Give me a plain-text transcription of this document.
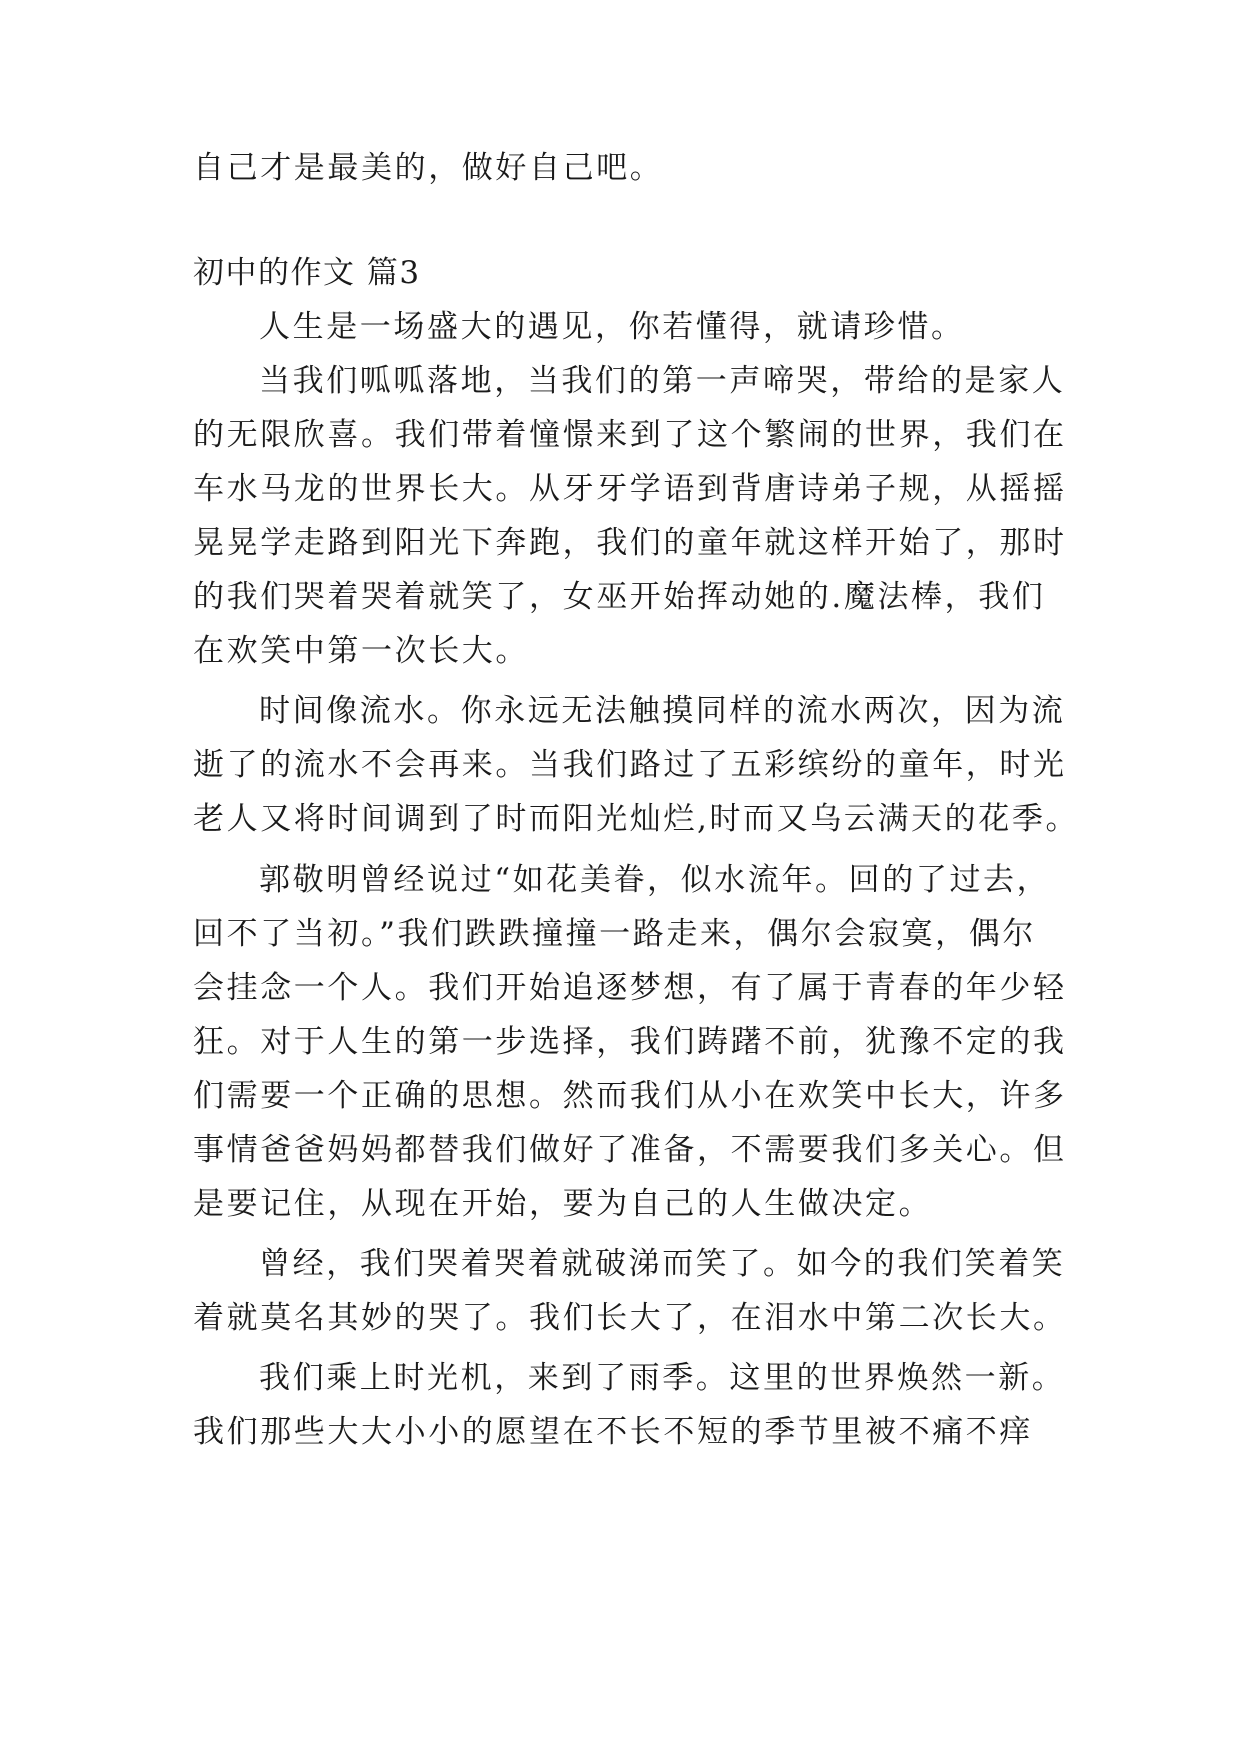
自己才是最美的，做好自己吧。
初中的作文 篇3
人生是一场盛大的遇见，你若懂得，就请珍惜。
当我们呱呱落地，当我们的第一声啼哭，带给的是家人
的无限欣喜。我们带着憧憬来到了这个繁闹的世界，我们在
车水马龙的世界长大。从牙牙学语到背唐诗弟子规，从摇摇
晃晃学走路到阳光下奔跑，我们的童年就这样开始了，那时
的我们哭着哭着就笑了，女巫开始挥动她的.魔法棒，我们
在欢笑中第一次长大。
时间像流水。你永远无法触摸同样的流水两次，因为流
逝了的流水不会再来。当我们路过了五彩缤纷的童年，时光
老人又将时间调到了时而阳光灿烂,时而又乌云满天的花季。
郭敬明曾经说过“如花美眷，似水流年。回的了过去，
回不了当初。”我们跌跌撞撞一路走来，偶尔会寂寞，偶尔
会挂念一个人。我们开始追逐梦想，有了属于青春的年少轻
狂。对于人生的第一步选择，我们踌躇不前，犹豫不定的我
们需要一个正确的思想。然而我们从小在欢笑中长大，许多
事情爸爸妈妈都替我们做好了准备，不需要我们多关心。但
是要记住，从现在开始，要为自己的人生做决定。
曾经，我们哭着哭着就破涕而笑了。如今的我们笑着笑
着就莫名其妙的哭了。我们长大了，在泪水中第二次长大。
我们乘上时光机，来到了雨季。这里的世界焕然一新。
我们那些大大小小的愿望在不长不短的季节里被不痛不痒
